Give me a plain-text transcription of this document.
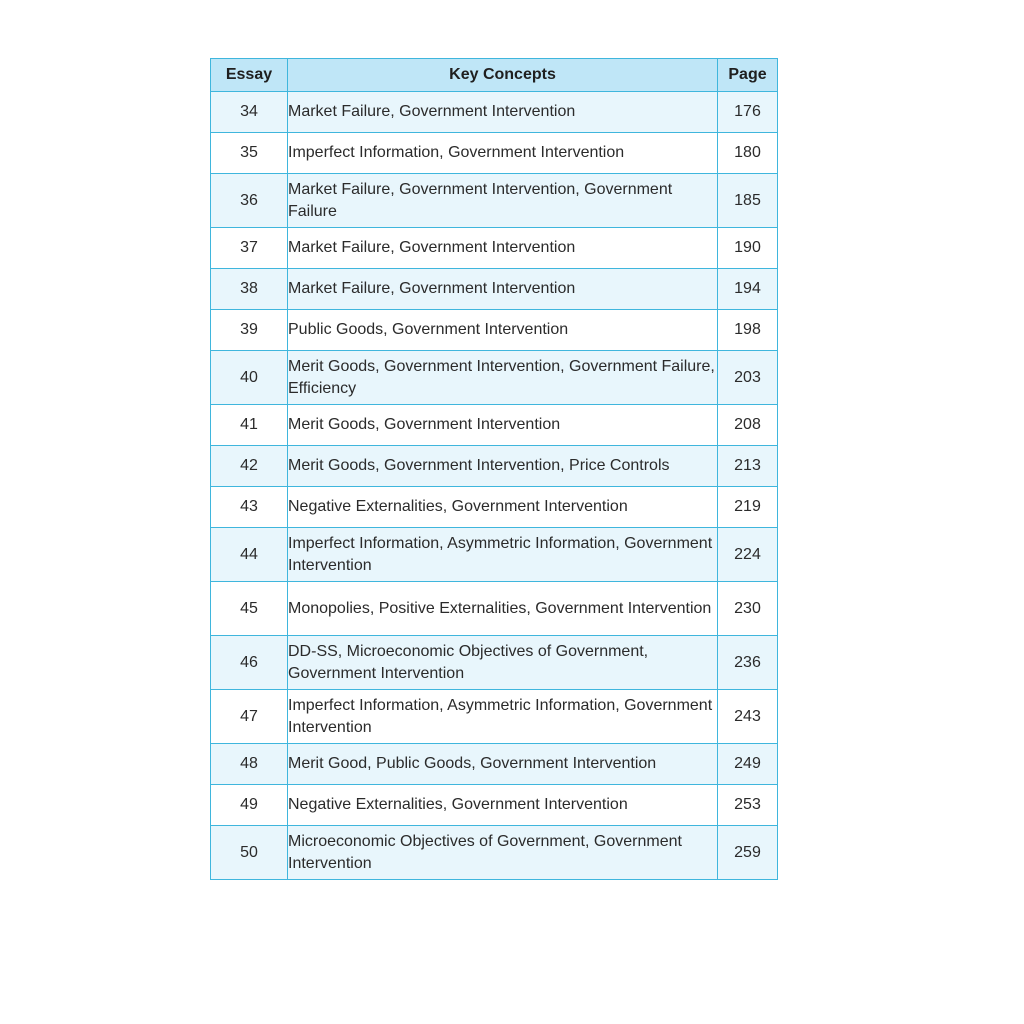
Essay	Key Concepts	Page
34	Market Failure, Government Intervention	176
35	Imperfect Information, Government Intervention	180
36	Market Failure, Government Intervention, Government Failure	185
37	Market Failure, Government Intervention	190
38	Market Failure, Government Intervention	194
39	Public Goods, Government Intervention	198
40	Merit Goods, Government Intervention, Government Failure, Efficiency	203
41	Merit Goods, Government Intervention	208
42	Merit Goods, Government Intervention, Price Controls	213
43	Negative Externalities, Government Intervention	219
44	Imperfect Information, Asymmetric Information, Government Intervention	224
45	Monopolies, Positive Externalities, Government Intervention	230
46	DD-SS, Microeconomic Objectives of Government, Government Intervention	236
47	Imperfect Information, Asymmetric Information, Government Intervention	243
48	Merit Good, Public Goods, Government Intervention	249
49	Negative Externalities, Government Intervention	253
50	Microeconomic Objectives of Government, Government Intervention	259
